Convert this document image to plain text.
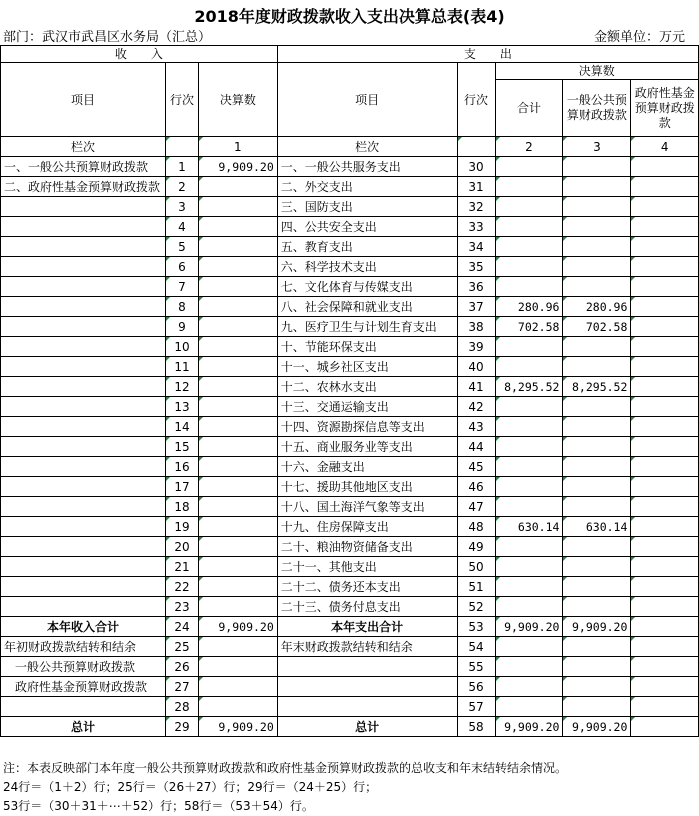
2018年度财政拨款收入支出决算总表(表4)
部门：武汉市武昌区水务局（汇总）	金额单位：万元
收　　入			支　　出				
项目	行次	决算数	项目	行次	决算数		
					合计	一般公共预算财政拨款	政府性基金预算财政拨款
栏次		1	栏次		2	3	4
一、一般公共预算财政拨款	1	9,909.20	一、一般公共服务支出	30			
二、政府性基金预算财政拨款	2		二、外交支出	31			
	3		三、国防支出	32			
	4		四、公共安全支出	33			
	5		五、教育支出	34			
	6		六、科学技术支出	35			
	7		七、文化体育与传媒支出	36			
	8		八、社会保障和就业支出	37	280.96	280.96	
	9		九、医疗卫生与计划生育支出	38	702.58	702.58	
	10		十、节能环保支出	39			
	11		十一、城乡社区支出	40			
	12		十二、农林水支出	41	8,295.52	8,295.52	
	13		十三、交通运输支出	42			
	14		十四、资源勘探信息等支出	43			
	15		十五、商业服务业等支出	44			
	16		十六、金融支出	45			
	17		十七、援助其他地区支出	46			
	18		十八、国土海洋气象等支出	47			
	19		十九、住房保障支出	48	630.14	630.14	
	20		二十、粮油物资储备支出	49			
	21		二十一、其他支出	50			
	22		二十二、债务还本支出	51			
	23		二十三、债务付息支出	52			
本年收入合计	24	9,909.20	本年支出合计	53	9,909.20	9,909.20	
年初财政拨款结转和结余	25		年末财政拨款结转和结余	54			
一般公共预算财政拨款	26			55			
政府性基金预算财政拨款	27			56			
	28			57			
总计	29	9,909.20	总计	58	9,909.20	9,909.20	
注：本表反映部门本年度一般公共预算财政拨款和政府性基金预算财政拨款的总收支和年末结转结余情况。
24行＝（1＋2）行；25行＝（26＋27）行；29行＝（24＋25）行；
53行＝（30＋31＋⋯＋52）行；58行＝（53＋54）行。
